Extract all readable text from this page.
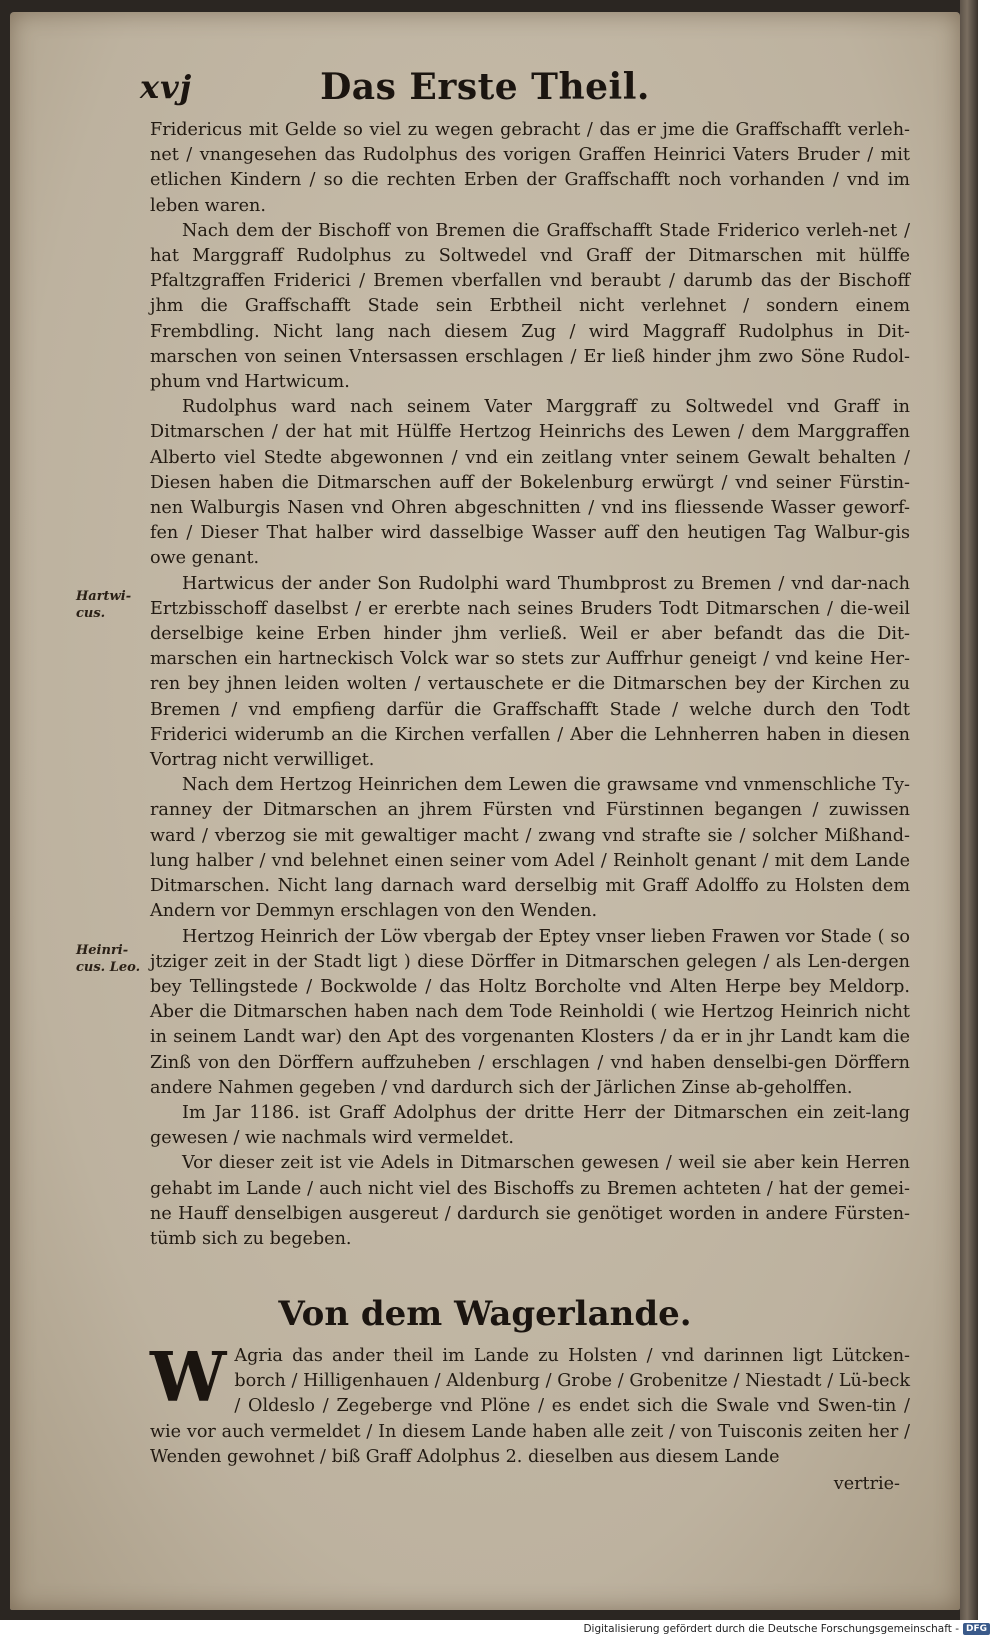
xvj	Das Erste Theil.
Hartwi-cus.
Heinri-cus. Leo.

Fridericus mit Gelde so viel zu wegen gebracht / das er jme die Graffschafft verleh-net / vnangesehen das Rudolphus des vorigen Graffen Heinrici Vaters Bruder / mit etlichen Kindern / so die rechten Erben der Graffschafft noch vorhanden / vnd im leben waren.

Nach dem der Bischoff von Bremen die Graffschafft Stade Friderico verleh-net / hat Marggraff Rudolphus zu Soltwedel vnd Graff der Ditmarschen mit hülffe Pfaltzgraffen Friderici / Bremen vberfallen vnd beraubt / darumb das der Bischoff jhm die Graffschafft Stade sein Erbtheil nicht verlehnet / sondern einem Frembdling. Nicht lang nach diesem Zug / wird Maggraff Rudolphus in Dit-marschen von seinen Vntersassen erschlagen / Er ließ hinder jhm zwo Söne Rudol-phum vnd Hartwicum.

Rudolphus ward nach seinem Vater Marggraff zu Soltwedel vnd Graff in Ditmarschen / der hat mit Hülffe Hertzog Heinrichs des Lewen / dem Marggraffen Alberto viel Stedte abgewonnen / vnd ein zeitlang vnter seinem Gewalt behalten / Diesen haben die Ditmarschen auff der Bokelenburg erwürgt / vnd seiner Fürstin-nen Walburgis Nasen vnd Ohren abgeschnitten / vnd ins fliessende Wasser geworf-fen / Dieser That halber wird dasselbige Wasser auff den heutigen Tag Walbur-gis owe genant.

Hartwicus der ander Son Rudolphi ward Thumbprost zu Bremen / vnd dar-nach Ertzbisschoff daselbst / er ererbte nach seines Bruders Todt Ditmarschen / die-weil derselbige keine Erben hinder jhm verließ. Weil er aber befandt das die Dit-marschen ein hartneckisch Volck war so stets zur Auffrhur geneigt / vnd keine Her-ren bey jhnen leiden wolten / vertauschete er die Ditmarschen bey der Kirchen zu Bremen / vnd empfieng darfür die Graffschafft Stade / welche durch den Todt Friderici widerumb an die Kirchen verfallen / Aber die Lehnherren haben in diesen Vortrag nicht verwilliget.

Nach dem Hertzog Heinrichen dem Lewen die grawsame vnd vnmenschliche Ty-ranney der Ditmarschen an jhrem Fürsten vnd Fürstinnen begangen / zuwissen ward / vberzog sie mit gewaltiger macht / zwang vnd strafte sie / solcher Mißhand-lung halber / vnd belehnet einen seiner vom Adel / Reinholt genant / mit dem Lande Ditmarschen. Nicht lang darnach ward derselbig mit Graff Adolffo zu Holsten dem Andern vor Demmyn erschlagen von den Wenden.

Hertzog Heinrich der Löw vbergab der Eptey vnser lieben Frawen vor Stade ( so jtziger zeit in der Stadt ligt ) diese Dörffer in Ditmarschen gelegen / als Len-dergen bey Tellingstede / Bockwolde / das Holtz Borcholte vnd Alten Herpe bey Meldorp. Aber die Ditmarschen haben nach dem Tode Reinholdi ( wie Hertzog Heinrich nicht in seinem Landt war) den Apt des vorgenanten Klosters / da er in jhr Landt kam die Zinß von den Dörffern auffzuheben / erschlagen / vnd haben denselbi-gen Dörffern andere Nahmen gegeben / vnd dardurch sich der Järlichen Zinse ab-geholffen.

Im Jar 1186. ist Graff Adolphus der dritte Herr der Ditmarschen ein zeit-lang gewesen / wie nachmals wird vermeldet.

Vor dieser zeit ist vie Adels in Ditmarschen gewesen / weil sie aber kein Herren gehabt im Lande / auch nicht viel des Bischoffs zu Bremen achteten / hat der gemei-ne Hauff denselbigen ausgereut / dardurch sie genötiget worden in andere Fürsten-tümb sich zu begeben.

Von dem Wagerlande.
W Agria das ander theil im Lande zu Holsten / vnd darinnen ligt Lütcken-borch / Hilligenhauen / Aldenburg / Grobe / Grobenitze / Niestadt / Lü-beck / Oldeslo / Zegeberge vnd Plöne / es endet sich die Swale vnd Swen-tin / wie vor auch vermeldet / In diesem Lande haben alle zeit / von Tuisconis zeiten her / Wenden gewohnet / biß Graff Adolphus 2. dieselben aus diesem Lande
vertrie-
Digitalisierung gefördert durch die Deutsche Forschungsgemeinschaft - DFG
